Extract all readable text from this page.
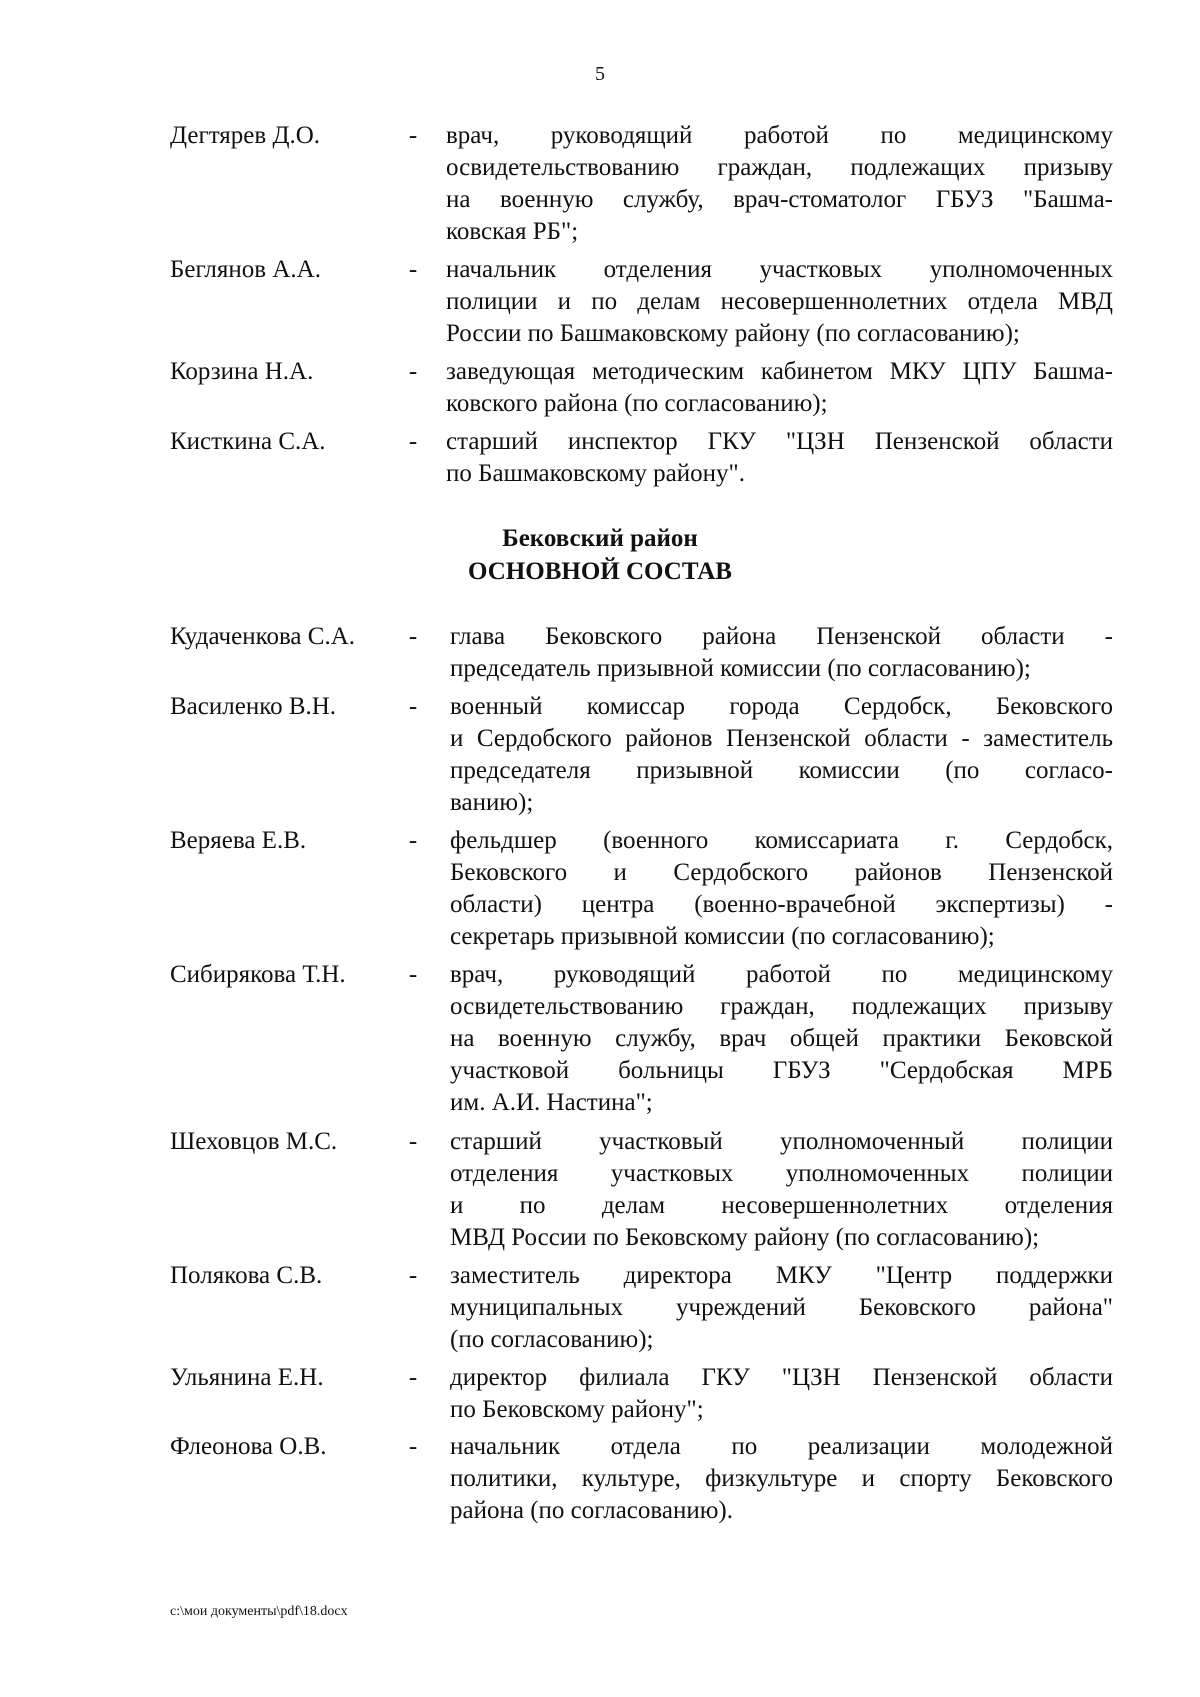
5
Дегтярев Д.О.	- врач, руководящий работой по медицинскому
освидетельствованию граждан, подлежащих призыву
на военную службу, врач-стоматолог ГБУЗ "Башма-
ковская РБ";
Беглянов А.А.	- начальник отделения участковых уполномоченных
полиции и по делам несовершеннолетних отдела МВД
России по Башмаковскому району (по согласованию);
Корзина Н.А.	- заведующая методическим кабинетом МКУ ЦПУ Башма-
ковского района (по согласованию);
Кисткина С.А.	- старший инспектор ГКУ "ЦЗН Пензенской области
по Башмаковскому району".
Бековский район
ОСНОВНОЙ СОСТАВ
Кудаченкова С.А. - глава Бековского района Пензенской области -
председатель призывной комиссии (по согласованию);
Василенко В.Н.	- военный комиссар города Сердобск, Бековского
и Сердобского районов Пензенской области - заместитель
председателя призывной комиссии (по согласо-
ванию);
Веряева Е.В.	- фельдшер (военного комиссариата г. Сердобск,
Бековского и Сердобского районов Пензенской
области) центра (военно-врачебной экспертизы) -
секретарь призывной комиссии (по согласованию);
Сибирякова Т.Н.	- врач, руководящий работой по медицинскому
освидетельствованию граждан, подлежащих призыву
на военную службу, врач общей практики Бековской
участковой больницы ГБУЗ "Сердобская МРБ
им. А.И. Настина";
Шеховцов М.С.	- старший участковый уполномоченный полиции
отделения участковых уполномоченных полиции
и по делам несовершеннолетних отделения
МВД России по Бековскому району (по согласованию);
Полякова С.В.	- заместитель директора МКУ "Центр поддержки
муниципальных учреждений Бековского района"
(по согласованию);
Ульянина Е.Н.	- директор филиала ГКУ "ЦЗН Пензенской области
по Бековскому району";
Флеонова О.В.	- начальник отдела по реализации молодежной
политики, культуре, физкультуре и спорту Бековского
района (по согласованию).
c:\мои документы\pdf\18.docx
